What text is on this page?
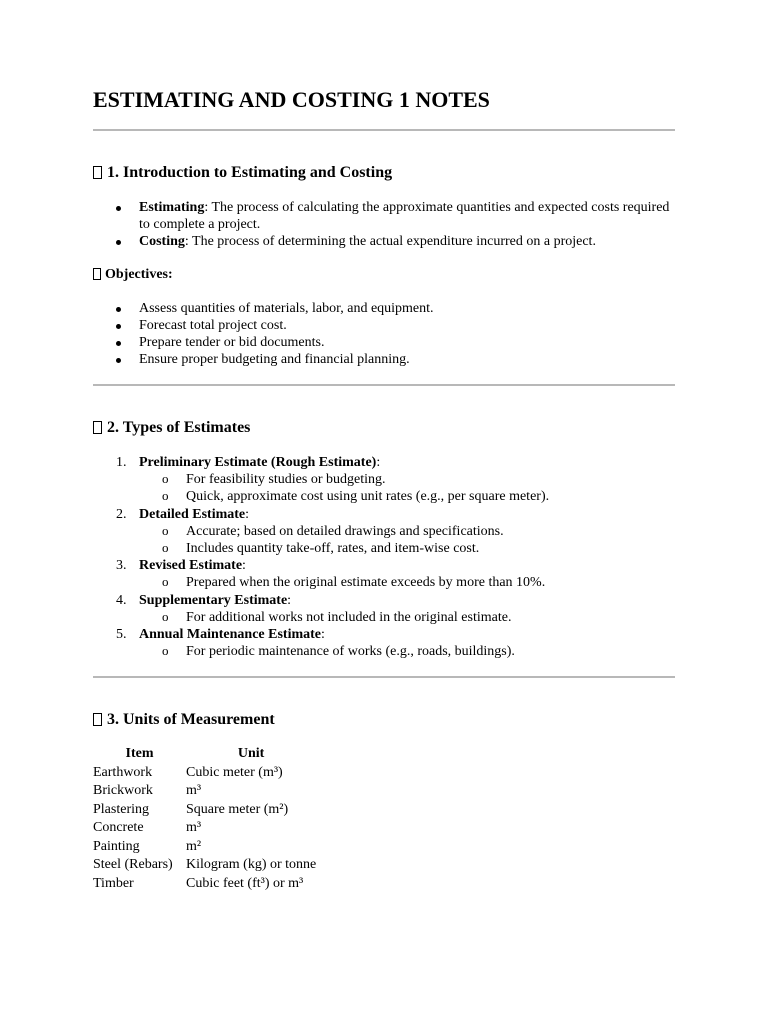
ESTIMATING AND COSTING 1 NOTES
1. Introduction to Estimating and Costing
Estimating: The process of calculating the approximate quantities and expected costs required to complete a project.
Costing: The process of determining the actual expenditure incurred on a project.
Objectives:
Assess quantities of materials, labor, and equipment.
Forecast total project cost.
Prepare tender or bid documents.
Ensure proper budgeting and financial planning.
2. Types of Estimates
1. Preliminary Estimate (Rough Estimate):
o For feasibility studies or budgeting.
o Quick, approximate cost using unit rates (e.g., per square meter).
2. Detailed Estimate:
o Accurate; based on detailed drawings and specifications.
o Includes quantity take-off, rates, and item-wise cost.
3. Revised Estimate:
o Prepared when the original estimate exceeds by more than 10%.
4. Supplementary Estimate:
o For additional works not included in the original estimate.
5. Annual Maintenance Estimate:
o For periodic maintenance of works (e.g., roads, buildings).
3. Units of Measurement
Item	Unit
Earthwork	Cubic meter (m³)
Brickwork	m³
Plastering	Square meter (m²)
Concrete	m³
Painting	m²
Steel (Rebars)	Kilogram (kg) or tonne
Timber	Cubic feet (ft³) or m³
